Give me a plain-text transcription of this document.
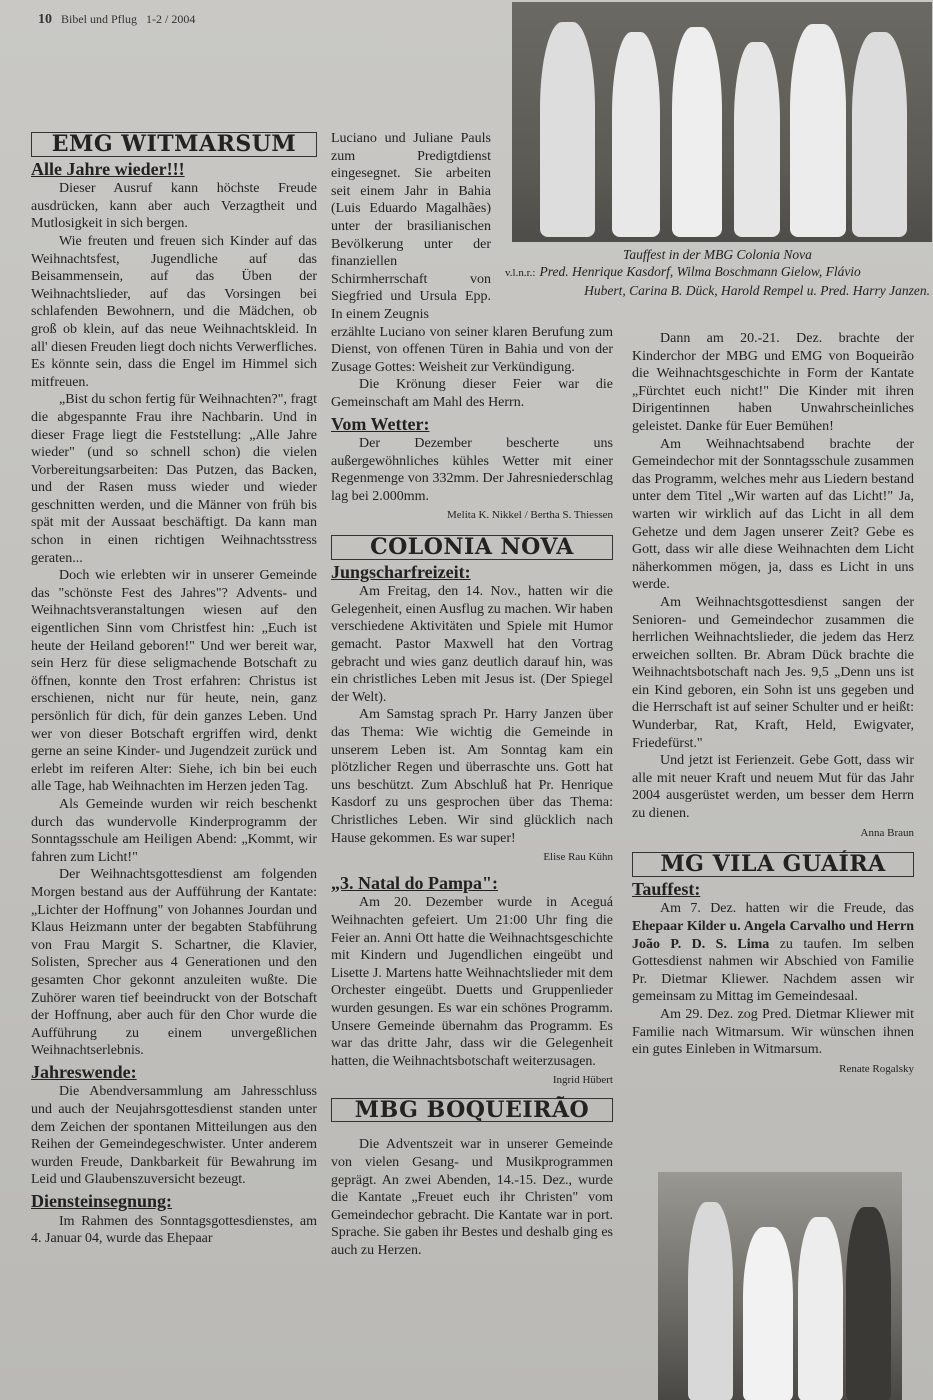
10 Bibel und Pflug 1-2 / 2004
EMG WITMARSUM
Alle Jahre wieder!!!

Dieser Ausruf kann höchste Freude ausdrücken, kann aber auch Verzagtheit und Mutlosigkeit in sich bergen.

Wie freuten und freuen sich Kinder auf das Weihnachtsfest, Jugendliche auf das Beisammensein, auf das Üben der Weihnachtslieder, auf das Vorsingen bei schlafenden Bewohnern, und die Mädchen, ob groß ob klein, auf das neue Weihnachtskleid. In all' diesen Freuden liegt doch nichts Verwerfliches. Es könnte sein, dass die Engel im Himmel sich mitfreuen.

„Bist du schon fertig für Weihnachten?", fragt die abgespannte Frau ihre Nachbarin. Und in dieser Frage liegt die Feststellung: „Alle Jahre wieder" (und so schnell schon) die vielen Vorbereitungsarbeiten: Das Putzen, das Backen, und der Rasen muss wieder und wieder geschnitten werden, und die Männer von früh bis spät mit der Aussaat beschäftigt. Da kann man schon in einen richtigen Weihnachtsstress geraten...

Doch wie erlebten wir in unserer Gemeinde das "schönste Fest des Jahres"? Advents- und Weihnachtsveranstaltungen wiesen auf den eigentlichen Sinn vom Christfest hin: „Euch ist heute der Heiland geboren!" Und wer bereit war, sein Herz für diese seligmachende Botschaft zu öffnen, konnte den Trost erfahren: Christus ist erschienen, nicht nur für heute, nein, ganz persönlich für dich, für dein ganzes Leben. Und wer von dieser Botschaft ergriffen wird, denkt gerne an seine Kinder- und Jugendzeit zurück und erlebt im reiferen Alter: Siehe, ich bin bei euch alle Tage, hab Weihnachten im Herzen jeden Tag.

Als Gemeinde wurden wir reich beschenkt durch das wundervolle Kinderprogramm der Sonntagsschule am Heiligen Abend: „Kommt, wir fahren zum Licht!"

Der Weihnachtsgottesdienst am folgenden Morgen bestand aus der Aufführung der Kantate: „Lichter der Hoffnung" von Johannes Jourdan und Klaus Heizmann unter der begabten Stabführung von Frau Margit S. Schartner, die Klavier, Solisten, Sprecher aus 4 Generationen und den gesamten Chor gekonnt anzuleiten wußte. Die Zuhörer waren tief beeindruckt von der Botschaft der Hoffnung, aber auch für den Chor wurde die Aufführung zu einem unvergeßlichen Weihnachtserlebnis.

Jahreswende:

Die Abendversammlung am Jahresschluss und auch der Neujahrsgottesdienst standen unter dem Zeichen der spontanen Mitteilungen aus den Reihen der Gemeindegeschwister. Unter anderem wurden Freude, Dankbarkeit für Bewahrung im Leid und Glaubenszuversicht bezeugt.

Diensteinsegnung:

Im Rahmen des Sonntagsgottesdienstes, am 4. Januar 04, wurde das Ehepaar

Luciano und Juliane Pauls zum Predigtdienst eingesegnet. Sie arbeiten seit einem Jahr in Bahia (Luis Eduardo Magalhães) unter der brasilianischen Bevölkerung unter der finanziellen Schirmherrschaft von Siegfried und Ursula Epp. In einem Zeugnis

erzählte Luciano von seiner klaren Berufung zum Dienst, von offenen Türen in Bahia und von der Zusage Gottes: Weisheit zur Verkündigung.

Die Krönung dieser Feier war die Gemeinschaft am Mahl des Herrn.

Vom Wetter:

Der Dezember bescherte uns außergewöhnliches kühles Wetter mit einer Regenmenge von 332mm. Der Jahresniederschlag lag bei 2.000mm.

Melita K. Nikkel / Bertha S. Thiessen
COLONIA NOVA
Jungscharfreizeit:

Am Freitag, den 14. Nov., hatten wir die Gelegenheit, einen Ausflug zu machen. Wir haben verschiedene Aktivitäten und Spiele mit Humor gemacht. Pastor Maxwell hat den Vortrag gebracht und wies ganz deutlich darauf hin, was ein christliches Leben mit Jesus ist. (Der Spiegel der Welt).

Am Samstag sprach Pr. Harry Janzen über das Thema: Wie wichtig die Gemeinde in unserem Leben ist. Am Sonntag kam ein plötzlicher Regen und überraschte uns. Gott hat uns beschützt. Zum Abschluß hat Pr. Henrique Kasdorf zu uns gesprochen über das Thema: Christliches Leben. Wir sind glücklich nach Hause gekommen. Es war super!

Elise Rau Kühn
„3. Natal do Pampa":

Am 20. Dezember wurde in Aceguá Weihnachten gefeiert. Um 21:00 Uhr fing die Feier an. Anni Ott hatte die Weihnachtsgeschichte mit Kindern und Jugendlichen eingeübt und Lisette J. Martens hatte Weihnachtslieder mit dem Orchester eingeübt. Duetts und Gruppenlieder wurden gesungen. Es war ein schönes Programm. Unsere Gemeinde übernahm das Programm. Es war das dritte Jahr, dass wir die Gelegenheit hatten, die Weihnachtsbotschaft weiterzusagen.

Ingrid Hübert
MBG BOQUEIRÃO

Die Adventszeit war in unserer Gemeinde von vielen Gesang- und Musikprogrammen geprägt. An zwei Abenden, 14.-15. Dez., wurde die Kantate „Freuet euch ihr Christen" vom Gemeindechor gebracht. Die Kantate war in port. Sprache. Sie gaben ihr Bestes und deshalb ging es auch zu Herzen.

Tauffest in der MBG Colonia Nova
v.l.n.r.: Pred. Henrique Kasdorf, Wilma Boschmann Gielow, Flávio
Hubert, Carina B. Dück, Harold Rempel u. Pred. Harry Janzen.

Dann am 20.-21. Dez. brachte der Kinderchor der MBG und EMG von Boqueirão die Weihnachtsgeschichte in Form der Kantate „Fürchtet euch nicht!" Die Kinder mit ihren Dirigentinnen haben Unwahrscheinliches geleistet. Danke für Euer Bemühen!

Am Weihnachtsabend brachte der Gemeindechor mit der Sonntagsschule zusammen das Programm, welches mehr aus Liedern bestand unter dem Titel „Wir warten auf das Licht!" Ja, warten wir wirklich auf das Licht in all dem Gehetze und dem Jagen unserer Zeit? Gebe es Gott, dass wir alle diese Weihnachten dem Licht näherkommen mögen, ja, dass es Licht in uns werde.

Am Weihnachtsgottesdienst sangen der Senioren- und Gemeindechor zusammen die herrlichen Weihnachtslieder, die jedem das Herz erweichen sollten. Br. Abram Dück brachte die Weihnachtsbotschaft nach Jes. 9,5 „Denn uns ist ein Kind geboren, ein Sohn ist uns gegeben und die Herrschaft ist auf seiner Schulter und er heißt: Wunderbar, Rat, Kraft, Held, Ewigvater, Friedefürst."

Und jetzt ist Ferienzeit. Gebe Gott, dass wir alle mit neuer Kraft und neuem Mut für das Jahr 2004 ausgerüstet werden, um besser dem Herrn zu dienen.

Anna Braun
MG VILA GUAÍRA
Tauffest:

Am 7. Dez. hatten wir die Freude, das Ehepaar Kilder u. Angela Carvalho und Herrn João P. D. S. Lima zu taufen. Im selben Gottesdienst nahmen wir Abschied von Familie Pr. Dietmar Kliewer. Nachdem assen wir gemeinsam zu Mittag im Gemeindesaal.

Am 29. Dez. zog Pred. Dietmar Kliewer mit Familie nach Witmarsum. Wir wünschen ihnen ein gutes Einleben in Witmarsum.

Renate Rogalsky
